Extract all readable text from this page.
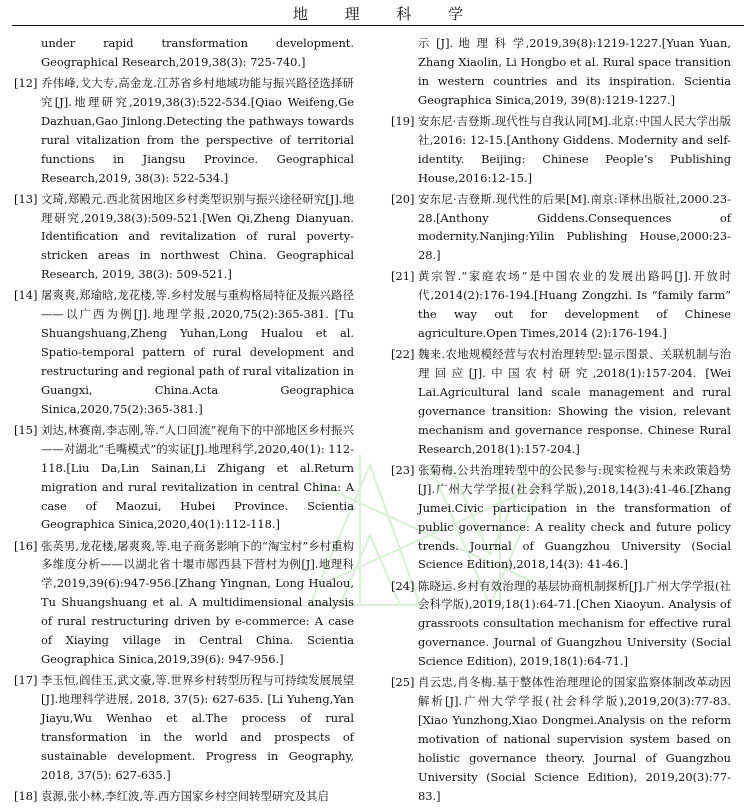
地 理 科 学
under rapid transformation development. Geographical Research,2019,38(3): 725-740.]
[12] 乔伟峰,戈大专,高金龙.江苏省乡村地域功能与振兴路径选择研究[J].地理研究,2019,38(3):522-534.[Qiao Weifeng,Ge Dazhuan,Gao Jinlong.Detecting the pathways towards rural vitalization from the perspective of territorial functions in Jiangsu Province. Geographical Research,2019, 38(3): 522-534.]
[13] 文琦,郑殿元.西北贫困地区乡村类型识别与振兴途径研究[J].地理研究,2019,38(3):509-521.[Wen Qi,Zheng Dianyuan. Identification and revitalization of rural poverty-stricken areas in northwest China. Geographical Research, 2019, 38(3): 509-521.]
[14] 屠爽爽,郑瑜晗,龙花楼,等.乡村发展与重构格局特征及振兴路径——以广西为例[J].地理学报,2020,75(2):365-381. [Tu Shuangshuang,Zheng Yuhan,Long Hualou et al. Spatio-temporal pattern of rural development and restructuring and regional path of rural vitalization in Guangxi, China.Acta Geographica Sinica,2020,75(2):365-381.]
[15] 刘达,林赛南,李志刚,等.“人口回流”视角下的中部地区乡村振兴——对湖北“毛嘴模式”的实证[J].地理科学,2020,40(1): 112-118.[Liu Da,Lin Sainan,Li Zhigang et al.Return migration and rural revitalization in central China: A case of Maozui, Hubei Province. Scientia Geographica Sinica,2020,40(1):112-118.]
[16] 张英男,龙花楼,屠爽爽,等.电子商务影响下的“淘宝村”乡村重构多维度分析——以湖北省十堰市郧西县下营村为例[J].地理科学,2019,39(6):947-956.[Zhang Yingnan, Long Hualou, Tu Shuangshuang et al. A multidimensional analysis of rural restructuring driven by e-commerce: A case of Xiaying village in Central China. Scientia Geographica Sinica,2019,39(6): 947-956.]
[17] 李玉恒,阎佳玉,武文豪,等.世界乡村转型历程与可持续发展展望[J].地理科学进展, 2018, 37(5): 627-635. [Li Yuheng,Yan Jiayu,Wu Wenhao et al.The process of rural transformation in the world and prospects of sustainable development. Progress in Geography, 2018, 37(5): 627-635.]
[18] 袁源,张小林,李红波,等.西方国家乡村空间转型研究及其启
示 [J]. 地 理 科 学,2019,39(8):1219-1227.[Yuan Yuan, Zhang Xiaolin, Li Hongbo et al. Rural space transition in western countries and its inspiration. Scientia Geographica Sinica,2019, 39(8):1219-1227.]
[19] 安东尼·吉登斯.现代性与自我认同[M].北京:中国人民大学出版社,2016: 12-15.[Anthony Giddens. Modernity and self-identity. Beijing: Chinese People’s Publishing House,2016:12-15.]
[20] 安东尼·吉登斯.现代性的后果[M].南京:译林出版社,2000.23-28.[Anthony Giddens.Consequences of modernity.Nanjing:Yilin Publishing House,2000:23-28.]
[21] 黄宗智.“家庭农场”是中国农业的发展出路吗[J].开放时代,2014(2):176-194.[Huang Zongzhi. Is “family farm” the way out for development of Chinese agriculture.Open Times,2014 (2):176-194.]
[22] 魏来.农地规模经营与农村治理转型:显示图景、关联机制与治理回应[J].中国农村研究,2018(1):157-204. [Wei Lai.Agricultural land scale management and rural governance transition: Showing the vision, relevant mechanism and governance response. Chinese Rural Research,2018(1):157-204.]
[23] 张菊梅.公共治理转型中的公民参与:现实检视与未来政策趋势[J].广州大学学报(社会科学版),2018,14(3):41-46.[Zhang Jumei.Civic participation in the transformation of public governance: A reality check and future policy trends. Journal of Guangzhou University (Social Science Edition),2018,14(3): 41-46.]
[24] 陈晓运.乡村有效治理的基层协商机制探析[J].广州大学学报(社会科学版),2019,18(1):64-71.[Chen Xiaoyun. Analysis of grassroots consultation mechanism for effective rural governance. Journal of Guangzhou University (Social Science Edition), 2019,18(1):64-71.]
[25] 肖云忠,肖冬梅.基于整体性治理理论的国家监察体制改革动因解析[J].广州大学学报(社会科学版),2019,20(3):77-83. [Xiao Yunzhong,Xiao Dongmei.Analysis on the reform motivation of national supervision system based on holistic governance theory. Journal of Guangzhou University (Social Science Edition), 2019,20(3):77-83.]
